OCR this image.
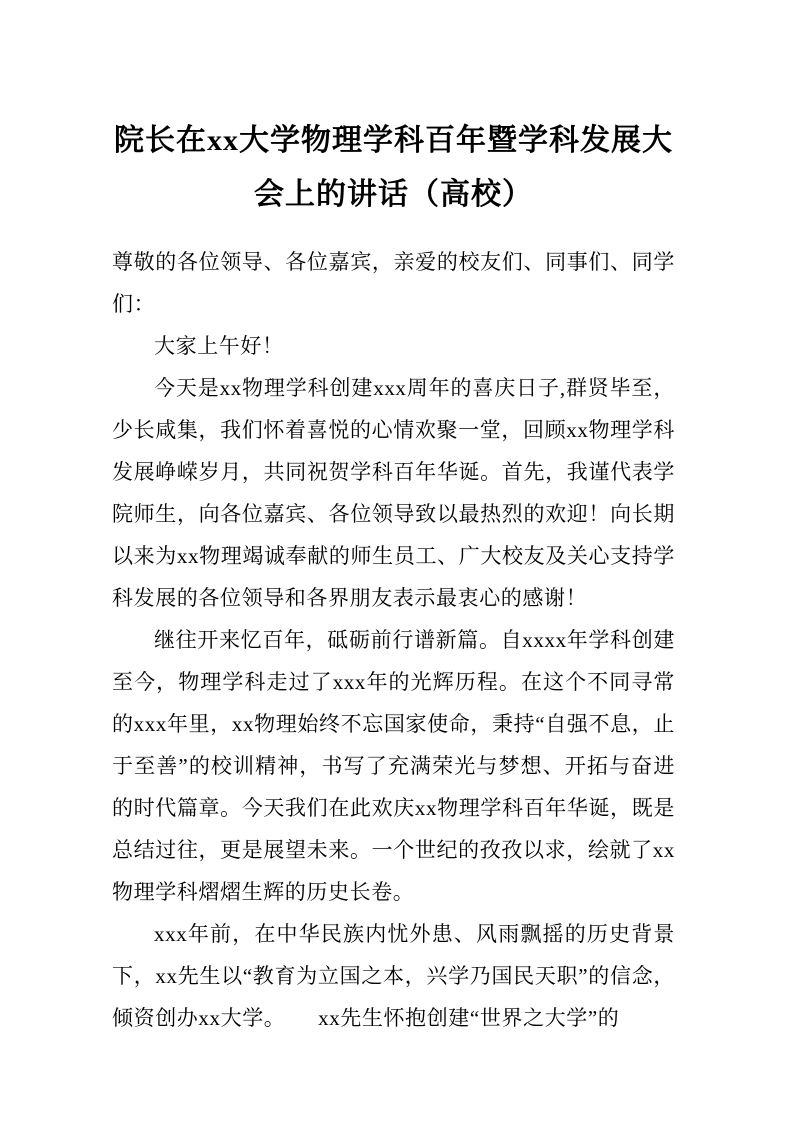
院长在xx大学物理学科百年暨学科发展大会上的讲话（高校）

尊敬的各位领导、各位嘉宾，亲爱的校友们、同事们、同学们：

大家上午好！

今天是xx物理学科创建xxx周年的喜庆日子,群贤毕至，少长咸集，我们怀着喜悦的心情欢聚一堂，回顾xx物理学科发展峥嵘岁月，共同祝贺学科百年华诞。首先，我谨代表学院师生，向各位嘉宾、各位领导致以最热烈的欢迎！向长期以来为xx物理竭诚奉献的师生员工、广大校友及关心支持学科发展的各位领导和各界朋友表示最衷心的感谢！

继往开来忆百年，砥砺前行谱新篇。自xxxx年学科创建至今，物理学科走过了xxx年的光辉历程。在这个不同寻常的xxx年里，xx物理始终不忘国家使命，秉持“自强不息，止于至善”的校训精神，书写了充满荣光与梦想、开拓与奋进的时代篇章。今天我们在此欢庆xx物理学科百年华诞，既是总结过往，更是展望未来。一个世纪的孜孜以求，绘就了xx物理学科熠熠生辉的历史长卷。

xxx年前，在中华民族内忧外患、风雨飘摇的历史背景下，xx先生以“教育为立国之本，兴学乃国民天职”的信念，倾资创办xx大学。　　xx先生怀抱创建“世界之大学”的
